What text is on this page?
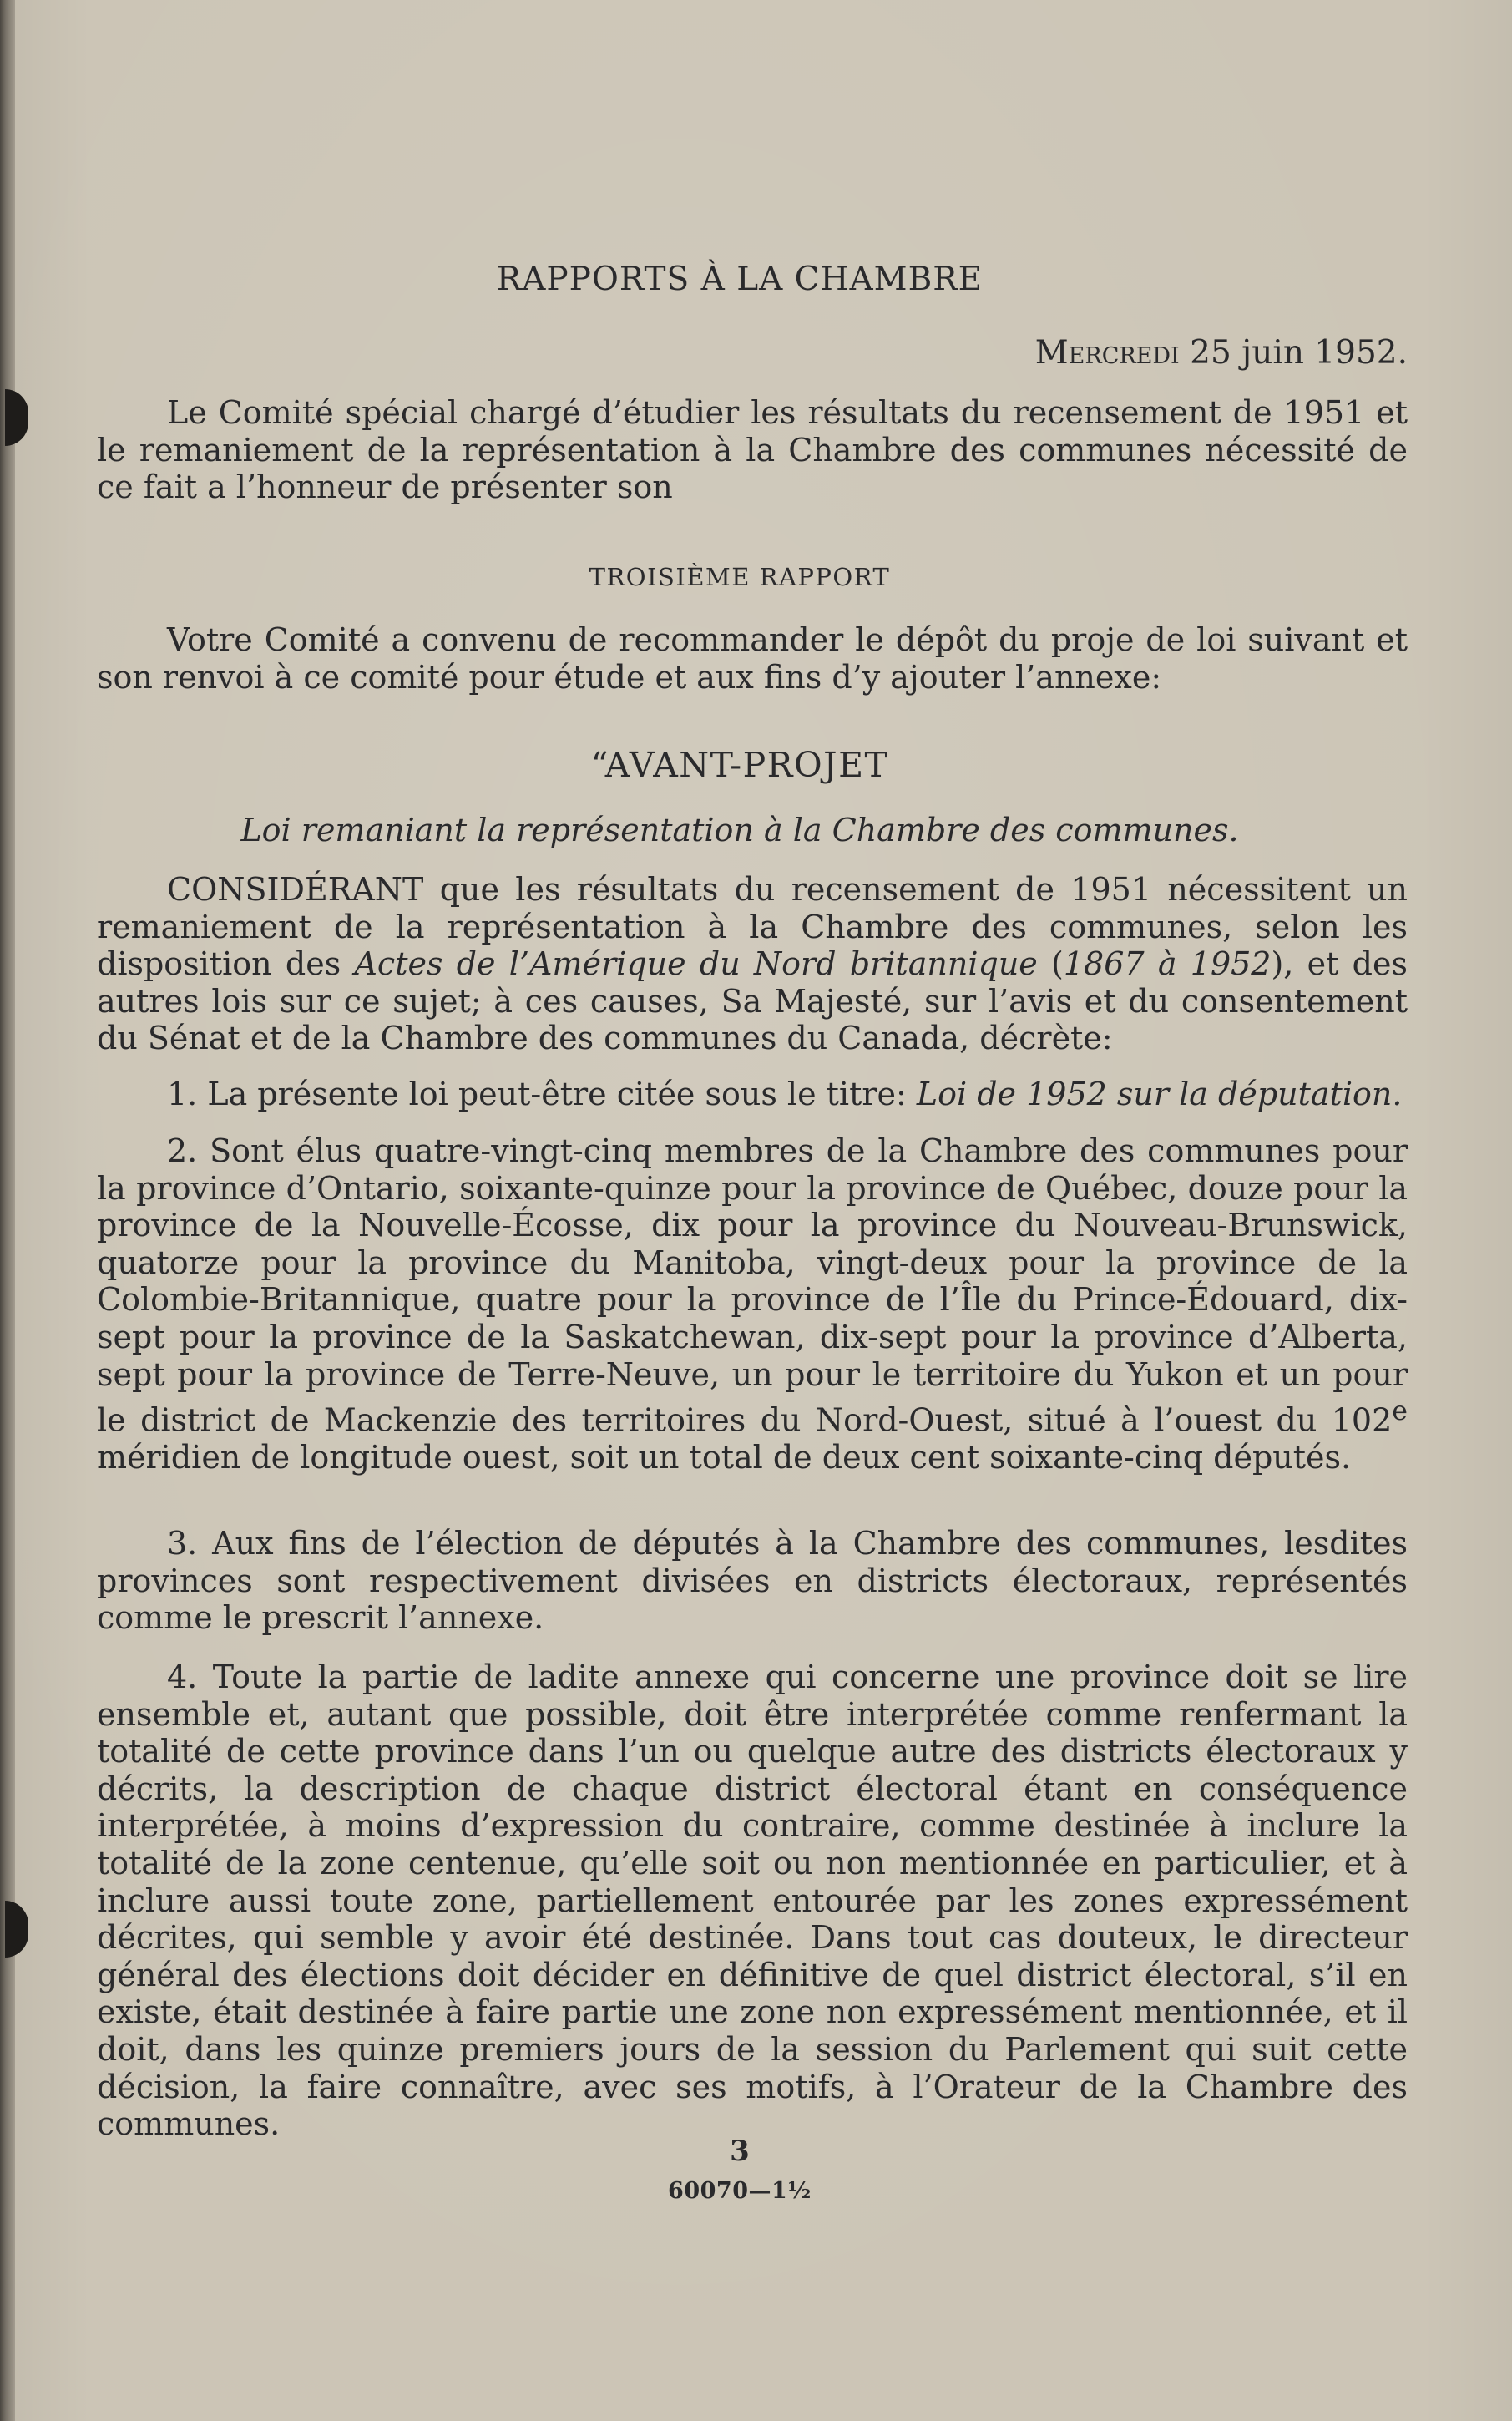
RAPPORTS À LA CHAMBRE
Mercredi 25 juin 1952.

Le Comité spécial chargé d’étudier les résultats du recensement de 1951 et le remaniement de la représentation à la Chambre des communes nécessité de ce fait a l’honneur de présenter son

TROISIÈME RAPPORT

Votre Comité a convenu de recommander le dépôt du proje de loi suivant et son renvoi à ce comité pour étude et aux fins d’y ajouter l’annexe:

“AVANT-PROJET
Loi remaniant la représentation à la Chambre des communes.

CONSIDÉRANT que les résultats du recensement de 1951 nécessitent un remaniement de la représentation à la Chambre des communes, selon les disposition des Actes de l’Amérique du Nord britannique (1867 à 1952), et des autres lois sur ce sujet; à ces causes, Sa Majesté, sur l’avis et du consentement du Sénat et de la Chambre des communes du Canada, décrète:

1. La présente loi peut-être citée sous le titre: Loi de 1952 sur la députation.

2. Sont élus quatre-vingt-cinq membres de la Chambre des communes pour la province d’Ontario, soixante-quinze pour la province de Québec, douze pour la province de la Nouvelle-Écosse, dix pour la province du Nouveau-Brunswick, quatorze pour la province du Manitoba, vingt-deux pour la province de la Colombie-Britannique, quatre pour la province de l’Île du Prince-Édouard, dix-sept pour la province de la Saskatchewan, dix-sept pour la province d’Alberta, sept pour la province de Terre-Neuve, un pour le territoire du Yukon et un pour le district de Mackenzie des territoires du Nord-Ouest, situé à l’ouest du 102e méridien de longitude ouest, soit un total de deux cent soixante-cinq députés.

3. Aux fins de l’élection de députés à la Chambre des communes, lesdites provinces sont respectivement divisées en districts électoraux, représentés comme le prescrit l’annexe.

4. Toute la partie de ladite annexe qui concerne une province doit se lire ensemble et, autant que possible, doit être interprétée comme renfermant la totalité de cette province dans l’un ou quelque autre des districts électoraux y décrits, la description de chaque district électoral étant en conséquence interprétée, à moins d’expression du contraire, comme destinée à inclure la totalité de la zone centenue, qu’elle soit ou non mentionnée en particulier, et à inclure aussi toute zone, partiellement entourée par les zones expressément décrites, qui semble y avoir été destinée. Dans tout cas douteux, le directeur général des élections doit décider en définitive de quel district électoral, s’il en existe, était destinée à faire partie une zone non expressément mentionnée, et il doit, dans les quinze premiers jours de la session du Parlement qui suit cette décision, la faire connaître, avec ses motifs, à l’Orateur de la Chambre des communes.

3
60070—1½
